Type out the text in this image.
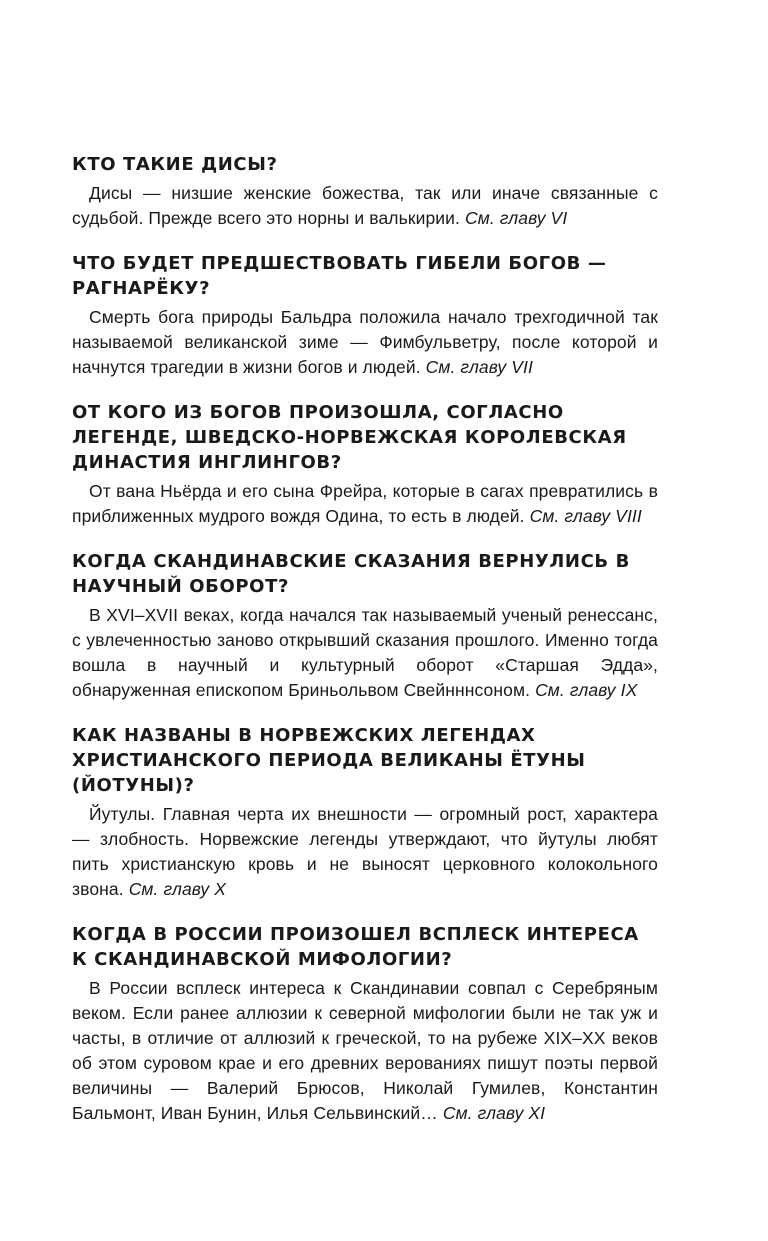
КТО ТАКИЕ ДИСЫ?

Дисы — низшие женские божества, так или иначе связанные с судьбой. Прежде всего это норны и валькирии. См. главу VI

ЧТО БУДЕТ ПРЕДШЕСТВОВАТЬ ГИБЕЛИ БОГОВ — РАГНАРЁКУ?

Смерть бога природы Бальдра положила начало трехгодичной так называемой великанской зиме — Фимбульветру, после которой и начнутся трагедии в жизни богов и людей. См. главу VII

ОТ КОГО ИЗ БОГОВ ПРОИЗОШЛА, СОГЛАСНО ЛЕГЕНДЕ, ШВЕДСКО-НОРВЕЖСКАЯ КОРОЛЕВСКАЯ ДИНАСТИЯ ИНГЛИНГОВ?

От вана Ньёрда и его сына Фрейра, которые в сагах превратились в приближенных мудрого вождя Одина, то есть в людей. См. главу VIII

КОГДА СКАНДИНАВСКИЕ СКАЗАНИЯ ВЕРНУЛИСЬ В НАУЧНЫЙ ОБОРОТ?

В XVI–XVII веках, когда начался так называемый ученый ренессанс, с увлеченностью заново открывший сказания прошлого. Именно тогда вошла в научный и культурный оборот «Старшая Эдда», обнаруженная епископом Бриньольвом Свейнннсоном. См. главу IX

КАК НАЗВАНЫ В НОРВЕЖСКИХ ЛЕГЕНДАХ ХРИСТИАНСКОГО ПЕРИОДА ВЕЛИКАНЫ ЁТУНЫ (ЙОТУНЫ)?

Йутулы. Главная черта их внешности — огромный рост, характера — злобность. Норвежские легенды утверждают, что йутулы любят пить христианскую кровь и не выносят церковного колокольного звона. См. главу X

КОГДА В РОССИИ ПРОИЗОШЕЛ ВСПЛЕСК ИНТЕРЕСА К СКАНДИНАВСКОЙ МИФОЛОГИИ?

В России всплеск интереса к Скандинавии совпал с Серебряным веком. Если ранее аллюзии к северной мифологии были не так уж и часты, в отличие от аллюзий к греческой, то на рубеже XIX–XX веков об этом суровом крае и его древних верованиях пишут поэты первой величины — Валерий Брюсов, Николай Гумилев, Константин Бальмонт, Иван Бунин, Илья Сельвинский… См. главу XI
